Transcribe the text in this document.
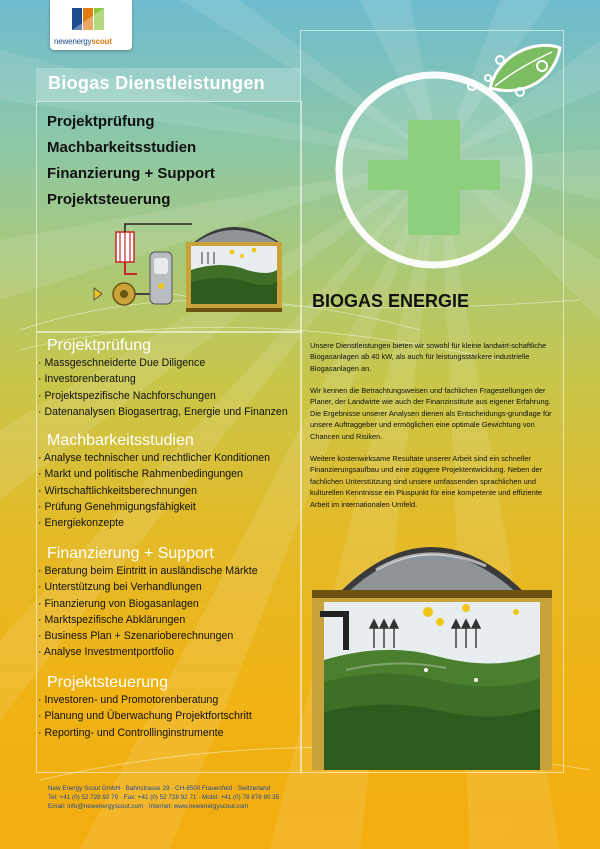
newenergyscout
Biogas Dienstleistungen
Projektprüfung
Machbarkeitsstudien
Finanzierung + Support
Projektsteuerung
BIOGAS ENERGIE
Projektprüfung
· Massgeschneiderte Due Diligence
· Investorenberatung
· Projektspezifische Nachforschungen
· Datenanalysen Biogasertrag, Energie und Finanzen
Machbarkeitsstudien
· Analyse technischer und rechtlicher Konditionen
· Markt und politische Rahmenbedingungen
· Wirtschaftlichkeitsberechnungen
· Prüfung Genehmigungsfähigkeit
· Energiekonzepte
Finanzierung + Support
· Beratung beim Eintritt in ausländische Märkte
· Unterstützung bei Verhandlungen
· Finanzierung von Biogasanlagen
· Marktspezifische Abklärungen
· Business Plan + Szenarioberechnungen
· Analyse Investmentportfolio
Projektsteuerung
· Investoren- und Promotorenberatung
· Planung und Überwachung Projektfortschritt
· Reporting- und Controllinginstrumente

Unsere Dienstleistungen bieten wir sowohl für kleine landwirt-schaftliche Biogasanlagen ab 40 kW, als auch für leistungsstärkere industrielle Biogasanlagen an.

Wir kennen die Betrachtungsweisen und fachlichen Fragestellungen der Planer, der Landwirte wie auch der Finanzinstitute aus eigener Erfahrung. Die Ergebnisse unserer Analysen dienen als Entscheidungs-grundlage für unsere Auftraggeber und ermöglichen eine optimale Gewichtung von Chancen und Risiken.

Weitere kostenwirksame Resultate unserer Arbeit sind ein schneller Finanzierungsaufbau und eine zügigere Projektentwicklung. Neben der fachlichen Unterstützung sind unsere umfassenden sprachlichen und kulturellen Kenntnisse ein Pluspunkt für eine kompetente und effiziente Arbeit im internationalen Umfeld.

New Energy Scout GmbH · Bahnstrasse 29 · CH-8500 Frauenfeld · Switzerland
Tel: +41 (0) 52 728 92 70 · Fax: +41 (0) 52 728 92 71 · Mobil: +41 (0) 78 878 80 35
Email: info@newenergyscout.com · Internet: www.newenergyscout.com
